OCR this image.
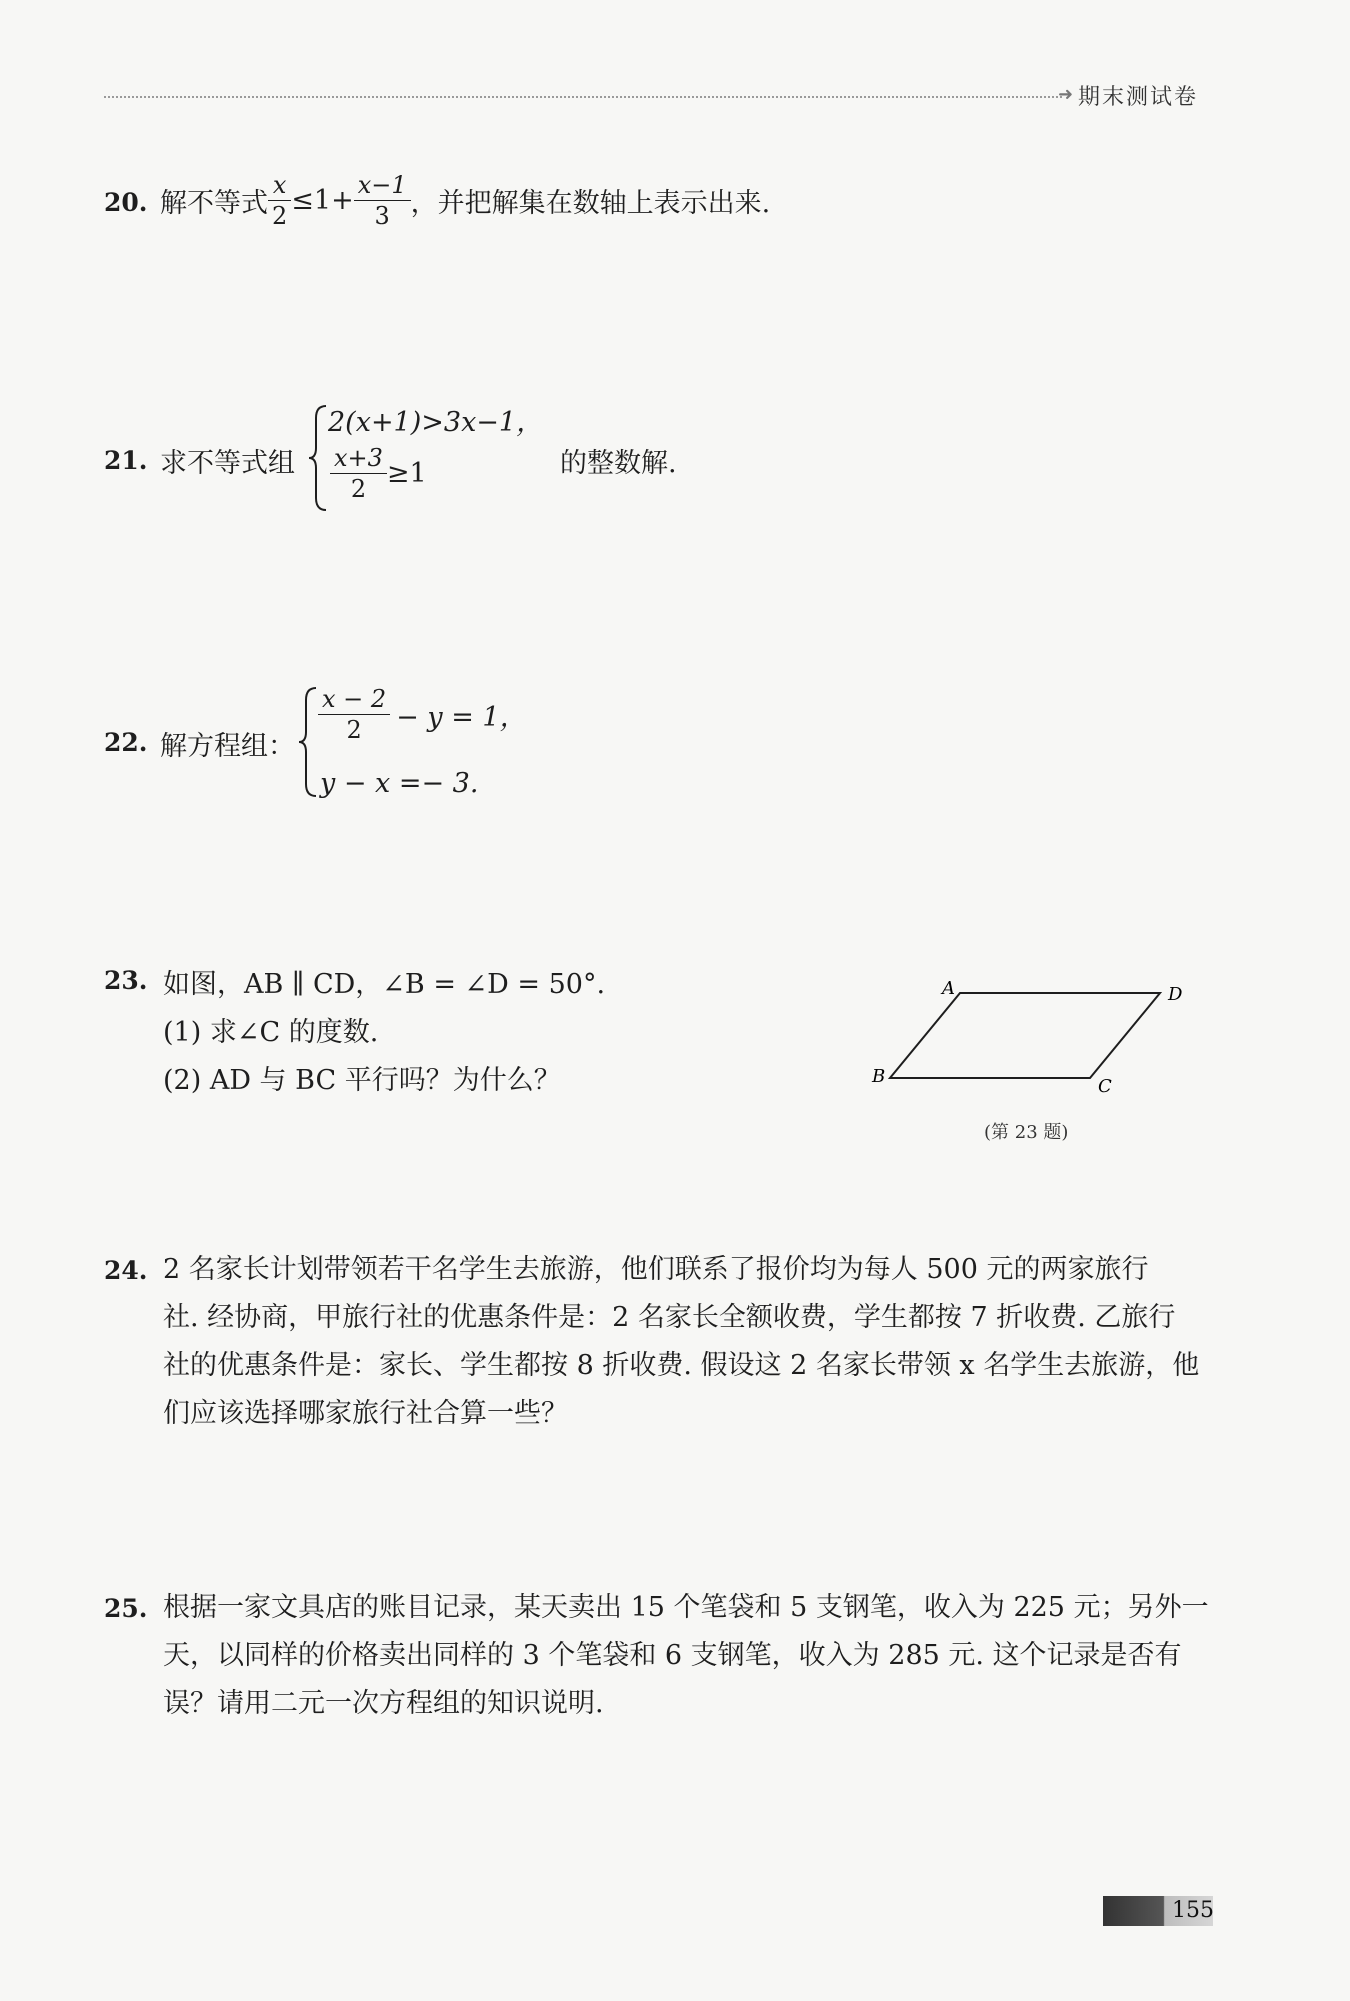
➜ 期末测试卷
20. 解不等式 $\frac{x}{2} \le 1+ \frac{x-1}{3}$ ，并把解集在数轴上表示出来.
21. 求不等式组
2(x+1)>3x−1，
$\frac{x+3}{2} \ge 1$	的整数解.
22. 解方程组：
$\frac{x - 2}{2} - y = 1$，
y − x =− 3.
23. 如图，AB ∥ CD，∠B = ∠D = 50°.
(1) 求∠C 的度数.
(2) AD 与 BC 平行吗？为什么？
A	D
B	C
(第 23 题)
24. 2 名家长计划带领若干名学生去旅游，他们联系了报价均为每人 500 元的两家旅行
社. 经协商，甲旅行社的优惠条件是：2 名家长全额收费，学生都按 7 折收费. 乙旅行
社的优惠条件是：家长、学生都按 8 折收费. 假设这 2 名家长带领 x 名学生去旅游，他
们应该选择哪家旅行社合算一些？
25. 根据一家文具店的账目记录，某天卖出 15 个笔袋和 5 支钢笔，收入为 225 元；另外一
天，以同样的价格卖出同样的 3 个笔袋和 6 支钢笔，收入为 285 元. 这个记录是否有
误？请用二元一次方程组的知识说明.
155
